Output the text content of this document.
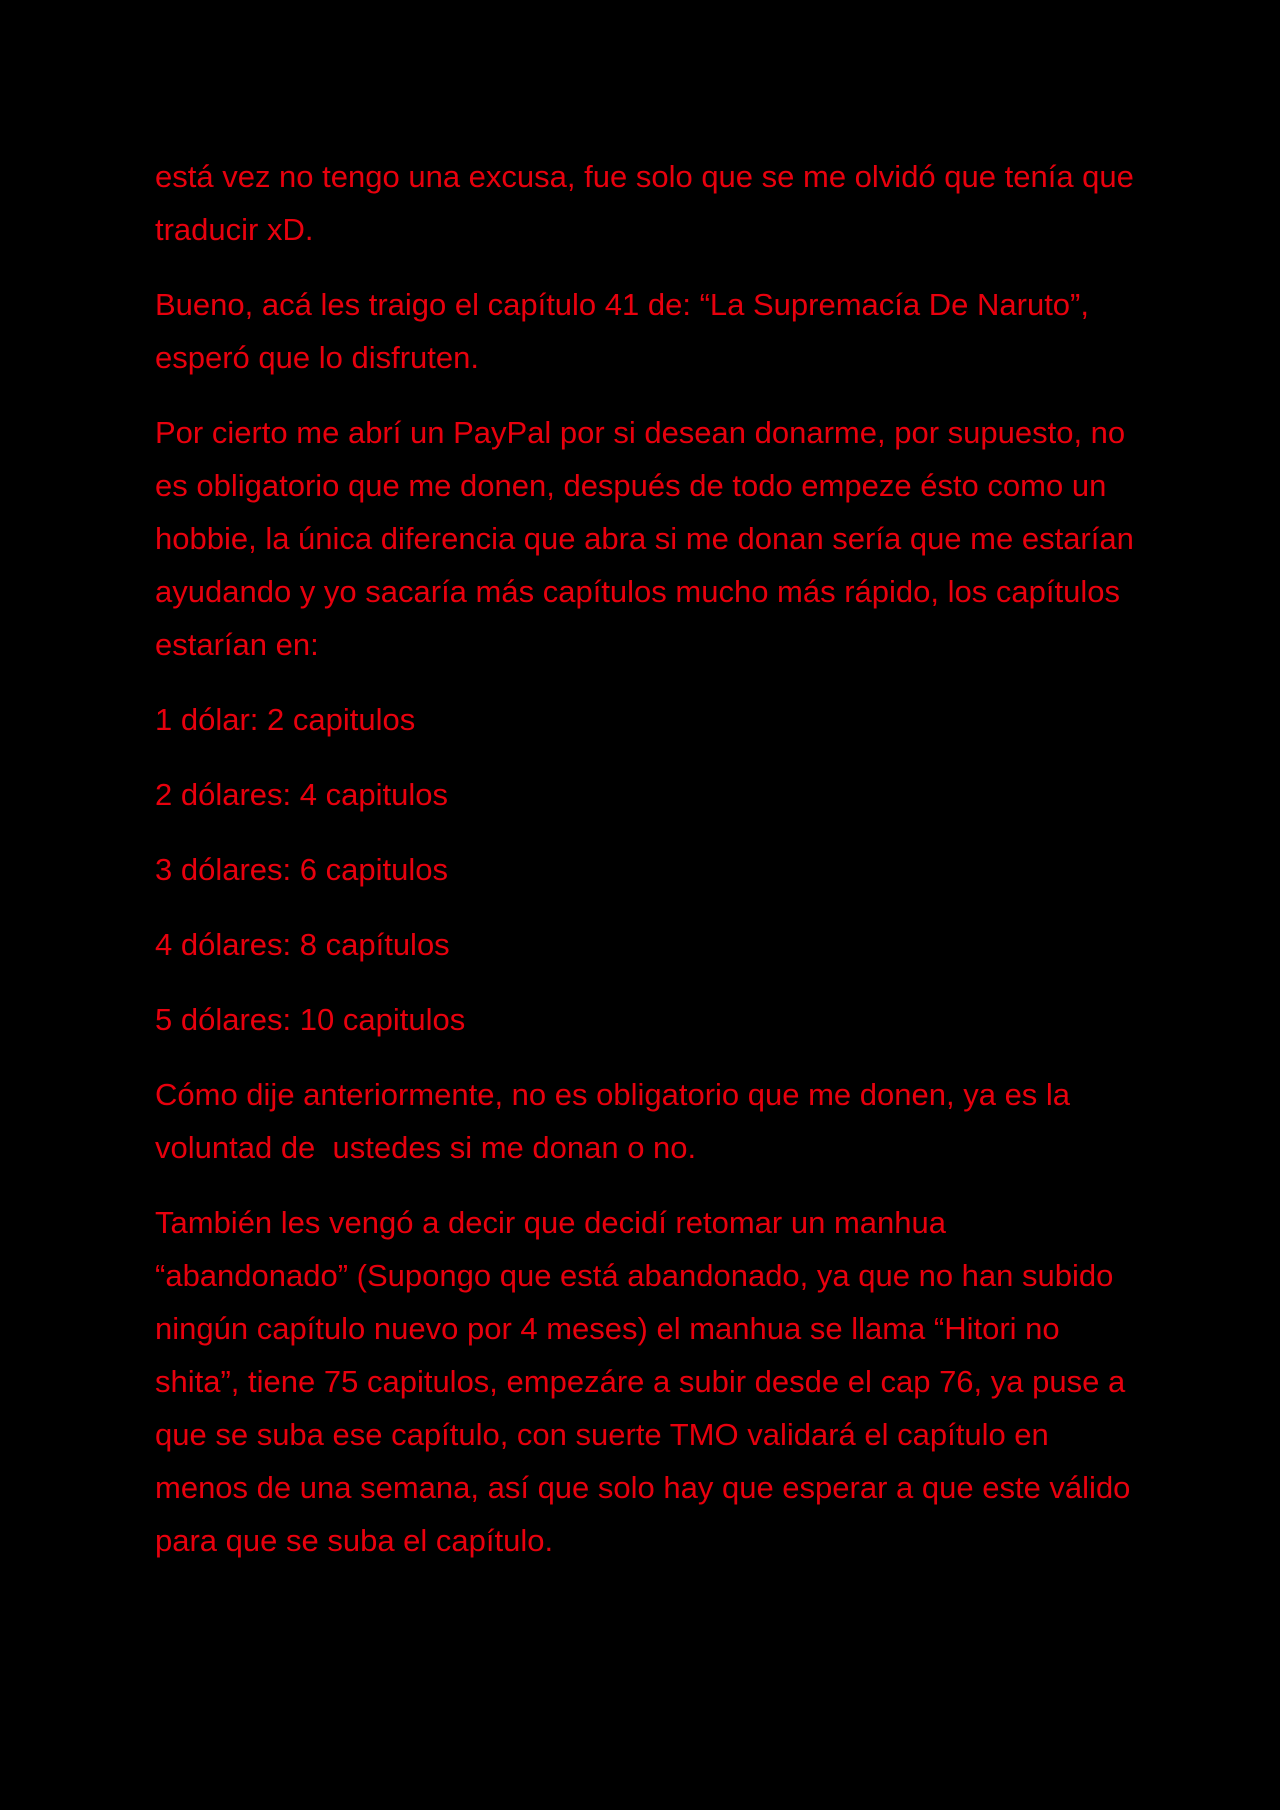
está vez no tengo una excusa, fue solo que se me olvidó que tenía que traducir xD.

Bueno, acá les traigo el capítulo 41 de: “La Supremacía De Naruto”, esperó que lo disfruten.

Por cierto me abrí un PayPal por si desean donarme, por supuesto, no es obligatorio que me donen, después de todo empeze ésto como un hobbie, la única diferencia que abra si me donan sería que me estarían ayudando y yo sacaría más capítulos mucho más rápido, los capítulos estarían en:

1 dólar: 2 capitulos

2 dólares: 4 capitulos

3 dólares: 6 capitulos

4 dólares: 8 capítulos

5 dólares: 10 capitulos

Cómo dije anteriormente, no es obligatorio que me donen, ya es la voluntad de  ustedes si me donan o no.

También les vengó a decir que decidí retomar un manhua “abandonado” (Supongo que está abandonado, ya que no han subido ningún capítulo nuevo por 4 meses) el manhua se llama “Hitori no shita”, tiene 75 capitulos, empezáre a subir desde el cap 76, ya puse a que se suba ese capítulo, con suerte TMO validará el capítulo en menos de una semana, así que solo hay que esperar a que este válido para que se suba el capítulo.
